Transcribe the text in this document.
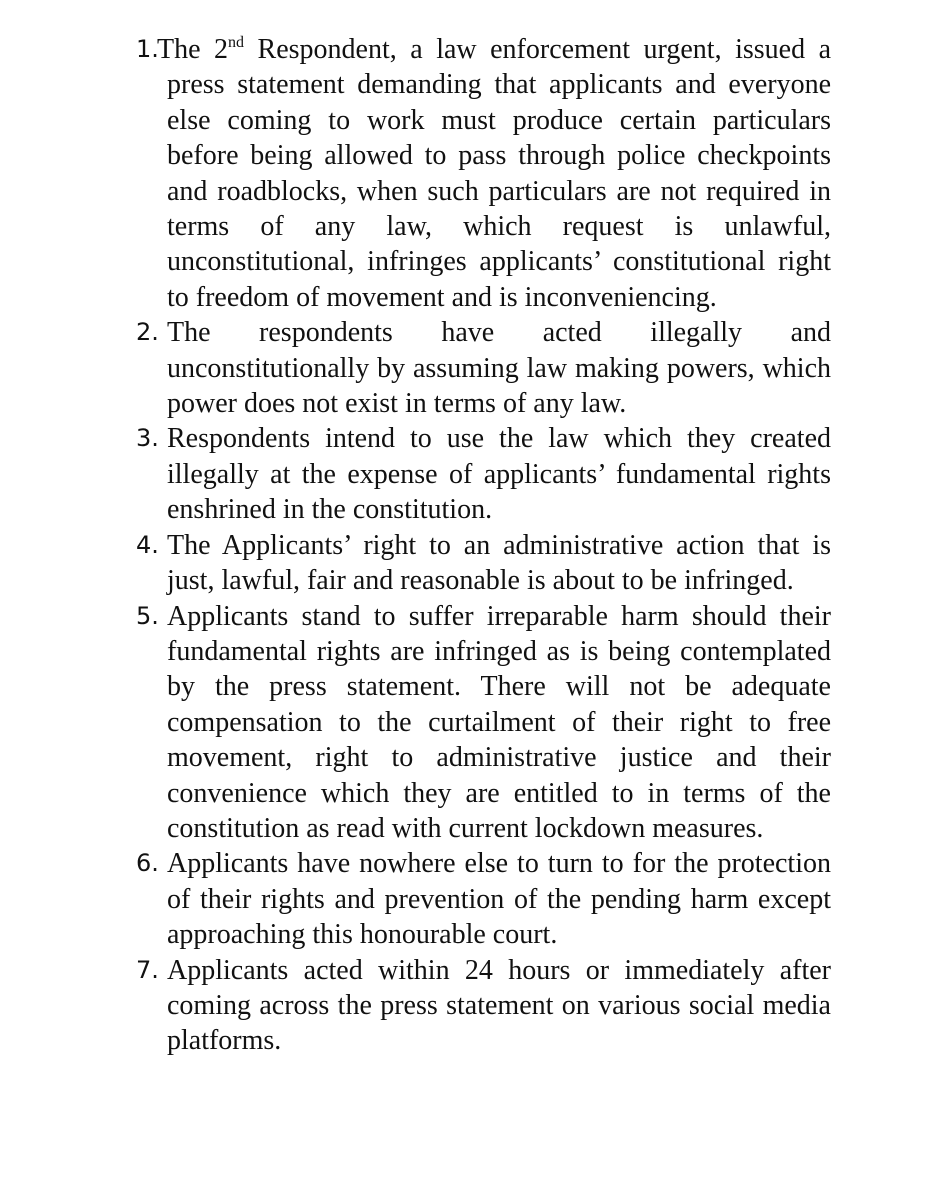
1.

The 2nd Respondent, a law enforcement urgent, issued a press statement demanding that applicants and everyone else coming to work must produce certain particulars before being allowed to pass through police checkpoints and roadblocks, when such particulars are not required in terms of any law, which request is unlawful, unconstitutional, infringes applicants’ constitutional right to freedom of movement and is inconveniencing.

2. The respondents have acted illegally and unconstitutionally by assuming law making powers, which power does not exist in terms of any law.

3. Respondents intend to use the law which they created illegally at the expense of applicants’ fundamental rights enshrined in the constitution.

4. The Applicants’ right to an administrative action that is just, lawful, fair and reasonable is about to be infringed.

5. Applicants stand to suffer irreparable harm should their fundamental rights are infringed as is being contemplated by the press statement. There will not be adequate compensation to the curtailment of their right to free movement, right to administrative justice and their convenience which they are entitled to in terms of the constitution as read with current lockdown measures.

6. Applicants have nowhere else to turn to for the protection of their rights and prevention of the pending harm except approaching this honourable court.

7. Applicants acted within 24 hours or immediately after coming across the press statement on various social media platforms.
